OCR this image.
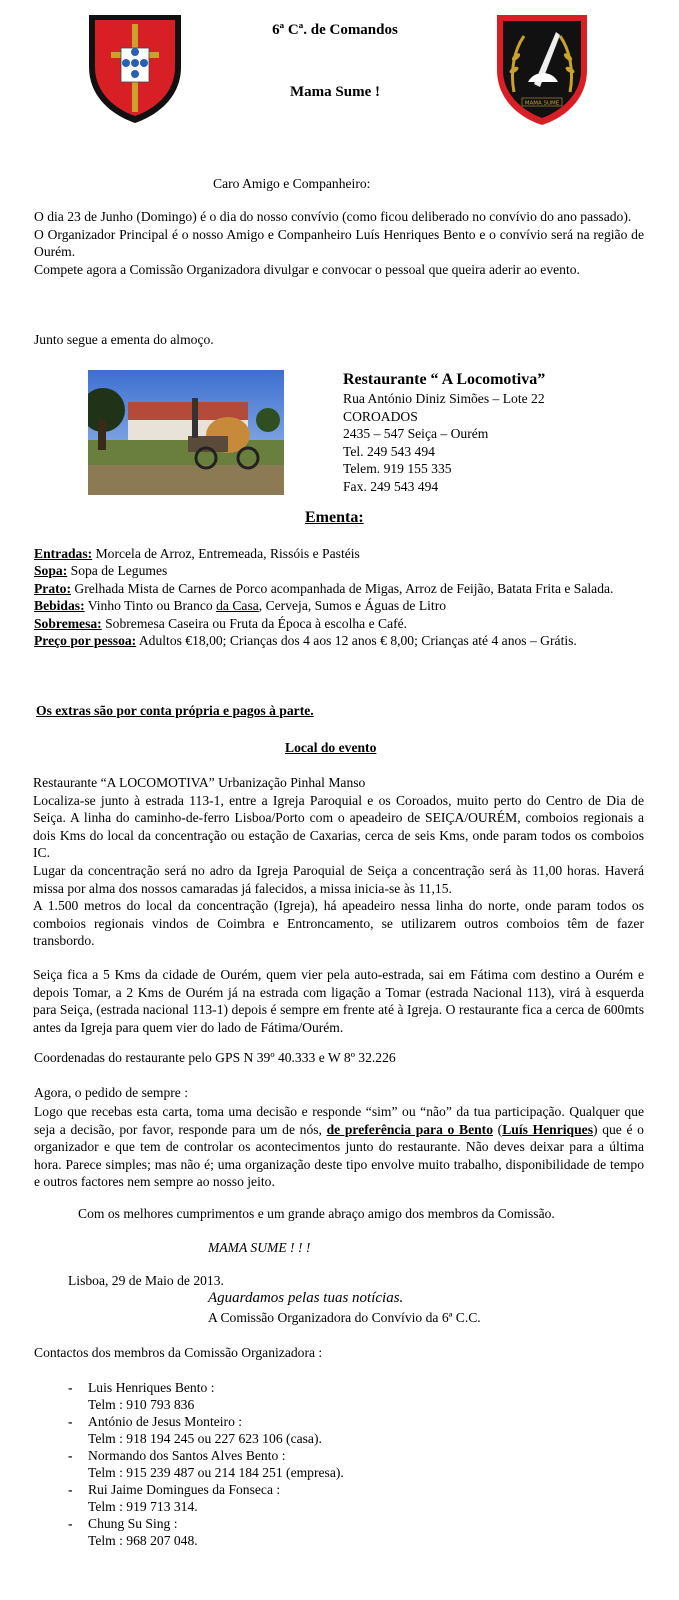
MAMA SUME
6ª Cª. de Comandos
Mama Sume !
Caro Amigo e Companheiro:

O dia 23 de Junho (Domingo) é o dia do nosso convívio (como ficou deliberado no convívio do ano passado).

O Organizador Principal é o nosso Amigo e Companheiro Luís Henriques Bento e o convívio será na região de Ourém.

Compete agora a Comissão Organizadora divulgar e convocar o pessoal que queira aderir ao evento.

Junto segue a ementa do almoço.
Restaurante “ A Locomotiva”
Rua António Diniz Simões – Lote 22
COROADOS
2435 – 547 Seiça – Ourém
Tel. 249 543 494
Telem. 919 155 335
Fax. 249 543 494
Ementa:
Entradas: Morcela de Arroz, Entremeada, Rissóis e Pastéis
Sopa: Sopa de Legumes
Prato: Grelhada Mista de Carnes de Porco acompanhada de Migas, Arroz de Feijão, Batata Frita e Salada.
Bebidas: Vinho Tinto ou Branco da Casa, Cerveja, Sumos e Águas de Litro
Sobremesa: Sobremesa Caseira ou Fruta da Época à escolha e Café.
Preço por pessoa: Adultos €18,00; Crianças dos 4 aos 12 anos € 8,00; Crianças até 4 anos – Grátis.
Os extras são por conta própria e pagos à parte.
Local do evento

Restaurante “A LOCOMOTIVA” Urbanização Pinhal Manso

Localiza-se junto à estrada 113-1, entre a Igreja Paroquial e os Coroados, muito perto do Centro de Dia de Seiça. A linha do caminho-de-ferro Lisboa/Porto com o apeadeiro de SEIÇA/OURÉM, comboios regionais a dois Kms do local da concentração ou estação de Caxarias, cerca de seis Kms, onde param todos os comboios IC.

Lugar da concentração será no adro da Igreja Paroquial de Seiça a concentração será às 11,00 horas. Haverá missa por alma dos nossos camaradas já falecidos, a missa inicia-se às 11,15.

A 1.500 metros do local da concentração (Igreja), há apeadeiro nessa linha do norte, onde param todos os comboios regionais vindos de Coimbra e Entroncamento, se utilizarem outros comboios têm de fazer transbordo.

Seiça fica a 5 Kms da cidade de Ourém, quem vier pela auto-estrada, sai em Fátima com destino a Ourém e depois Tomar, a 2 Kms de Ourém já na estrada com ligação a Tomar (estrada Nacional 113), virá à esquerda para Seiça, (estrada nacional 113-1) depois é sempre em frente até à Igreja. O restaurante fica a cerca de 600mts antes da Igreja para quem vier do lado de Fátima/Ourém.
Coordenadas do restaurante pelo GPS N 39º 40.333 e W 8º 32.226
Agora, o pedido de sempre :
Logo que recebas esta carta, toma uma decisão e responde “sim” ou “não” da tua participação. Qualquer que seja a decisão, por favor, responde para um de nós, de preferência para o Bento (Luís Henriques) que é o organizador e que tem de controlar os acontecimentos junto do restaurante. Não deves deixar para a última hora. Parece simples; mas não é; uma organização deste tipo envolve muito trabalho, disponibilidade de tempo e outros factores nem sempre ao nosso jeito.
Com os melhores cumprimentos e um grande abraço amigo dos membros da Comissão.
MAMA SUME ! ! !
Lisboa, 29 de Maio de 2013.
Aguardamos pelas tuas notícias.
A Comissão Organizadora do Convívio da 6ª C.C.
Contactos dos membros da Comissão Organizadora :
- Luis Henriques Bento :
Telm : 910 793 836
- António de Jesus Monteiro :
Telm : 918 194 245 ou 227 623 106 (casa).
- Normando dos Santos Alves Bento :
Telm : 915 239 487 ou 214 184 251 (empresa).
- Rui Jaime Domingues da Fonseca :
Telm : 919 713 314.
- Chung Su Sing :
Telm : 968 207 048.
